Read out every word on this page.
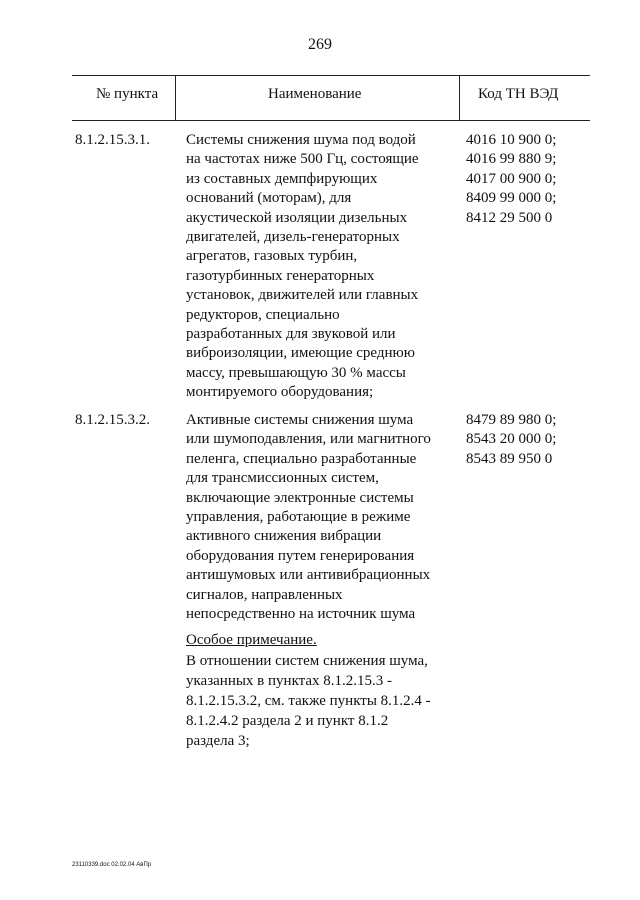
269
№ пункта	Наименование	Код ТН ВЭД
8.1.2.15.3.1. Системы снижения шума под водой
на частотах ниже 500 Гц, состоящие
из составных демпфирующих
оснований (моторам), для
акустической изоляции дизельных
двигателей, дизель-генераторных
агрегатов, газовых турбин,
газотурбинных генераторных
установок, движителей или главных
редукторов, специально
разработанных для звуковой или
виброизоляции, имеющие среднюю
массу, превышающую 30 % массы
монтируемого оборудования;
4016 10 900 0;
4016 99 880 9;
4017 00 900 0;
8409 99 000 0;
8412 29 500 0
8.1.2.15.3.2. Активные системы снижения шума
или шумоподавления, или магнитного
пеленга, специально разработанные
для трансмиссионных систем,
включающие электронные системы
управления, работающие в режиме
активного снижения вибрации
оборудования путем генерирования
антишумовых или антивибрационных
сигналов, направленных
непосредственно на источник шума
8479 89 980 0;
8543 20 000 0;
8543 89 950 0
Особое примечание.
В отношении систем снижения шума,
указанных в пунктах 8.1.2.15.3 -
8.1.2.15.3.2, см. также пункты 8.1.2.4 -
8.1.2.4.2 раздела 2 и пункт 8.1.2
раздела 3;
23110339.doc 02.02.04 АвПр
